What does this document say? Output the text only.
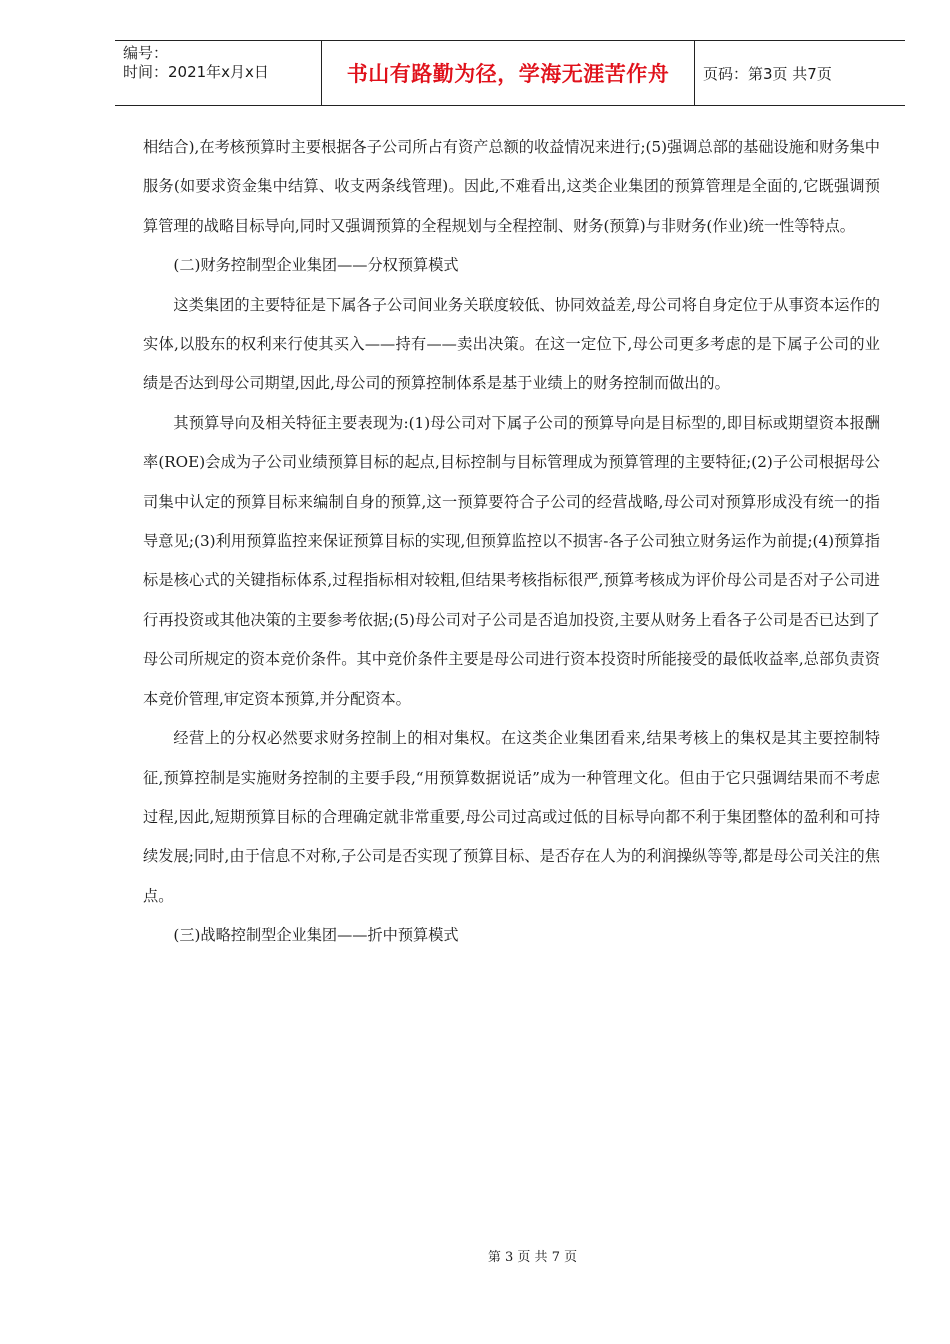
编号：
时间：2021年x月x日	书山有路勤为径，学海无涯苦作舟	页码：第3页 共7页

相结合),在考核预算时主要根据各子公司所占有资产总额的收益情况来进行;(5)强调总部的基础设施和财务集中服务(如要求资金集中结算、收支两条线管理)。因此,不难看出,这类企业集团的预算管理是全面的,它既强调预算管理的战略目标导向,同时又强调预算的全程规划与全程控制、财务(预算)与非财务(作业)统一性等特点。

(二)财务控制型企业集团——分权预算模式

这类集团的主要特征是下属各子公司间业务关联度较低、协同效益差,母公司将自身定位于从事资本运作的实体,以股东的权利来行使其买入——持有——卖出决策。在这一定位下,母公司更多考虑的是下属子公司的业绩是否达到母公司期望,因此,母公司的预算控制体系是基于业绩上的财务控制而做出的。

其预算导向及相关特征主要表现为:(1)母公司对下属子公司的预算导向是目标型的,即目标或期望资本报酬率(ROE)会成为子公司业绩预算目标的起点,目标控制与目标管理成为预算管理的主要特征;(2)子公司根据母公司集中认定的预算目标来编制自身的预算,这一预算要符合子公司的经营战略,母公司对预算形成没有统一的指导意见;(3)利用预算监控来保证预算目标的实现,但预算监控以不损害-各子公司独立财务运作为前提;(4)预算指标是核心式的关键指标体系,过程指标相对较粗,但结果考核指标很严,预算考核成为评价母公司是否对子公司进行再投资或其他决策的主要参考依据;(5)母公司对子公司是否追加投资,主要从财务上看各子公司是否已达到了母公司所规定的资本竞价条件。其中竞价条件主要是母公司进行资本投资时所能接受的最低收益率,总部负责资本竞价管理,审定资本预算,并分配资本。

经营上的分权必然要求财务控制上的相对集权。在这类企业集团看来,结果考核上的集权是其主要控制特征,预算控制是实施财务控制的主要手段,“用预算数据说话”成为一种管理文化。但由于它只强调结果而不考虑过程,因此,短期预算目标的合理确定就非常重要,母公司过高或过低的目标导向都不利于集团整体的盈利和可持续发展;同时,由于信息不对称,子公司是否实现了预算目标、是否存在人为的利润操纵等等,都是母公司关注的焦点。

(三)战略控制型企业集团——折中预算模式

第 3 页 共 7 页
